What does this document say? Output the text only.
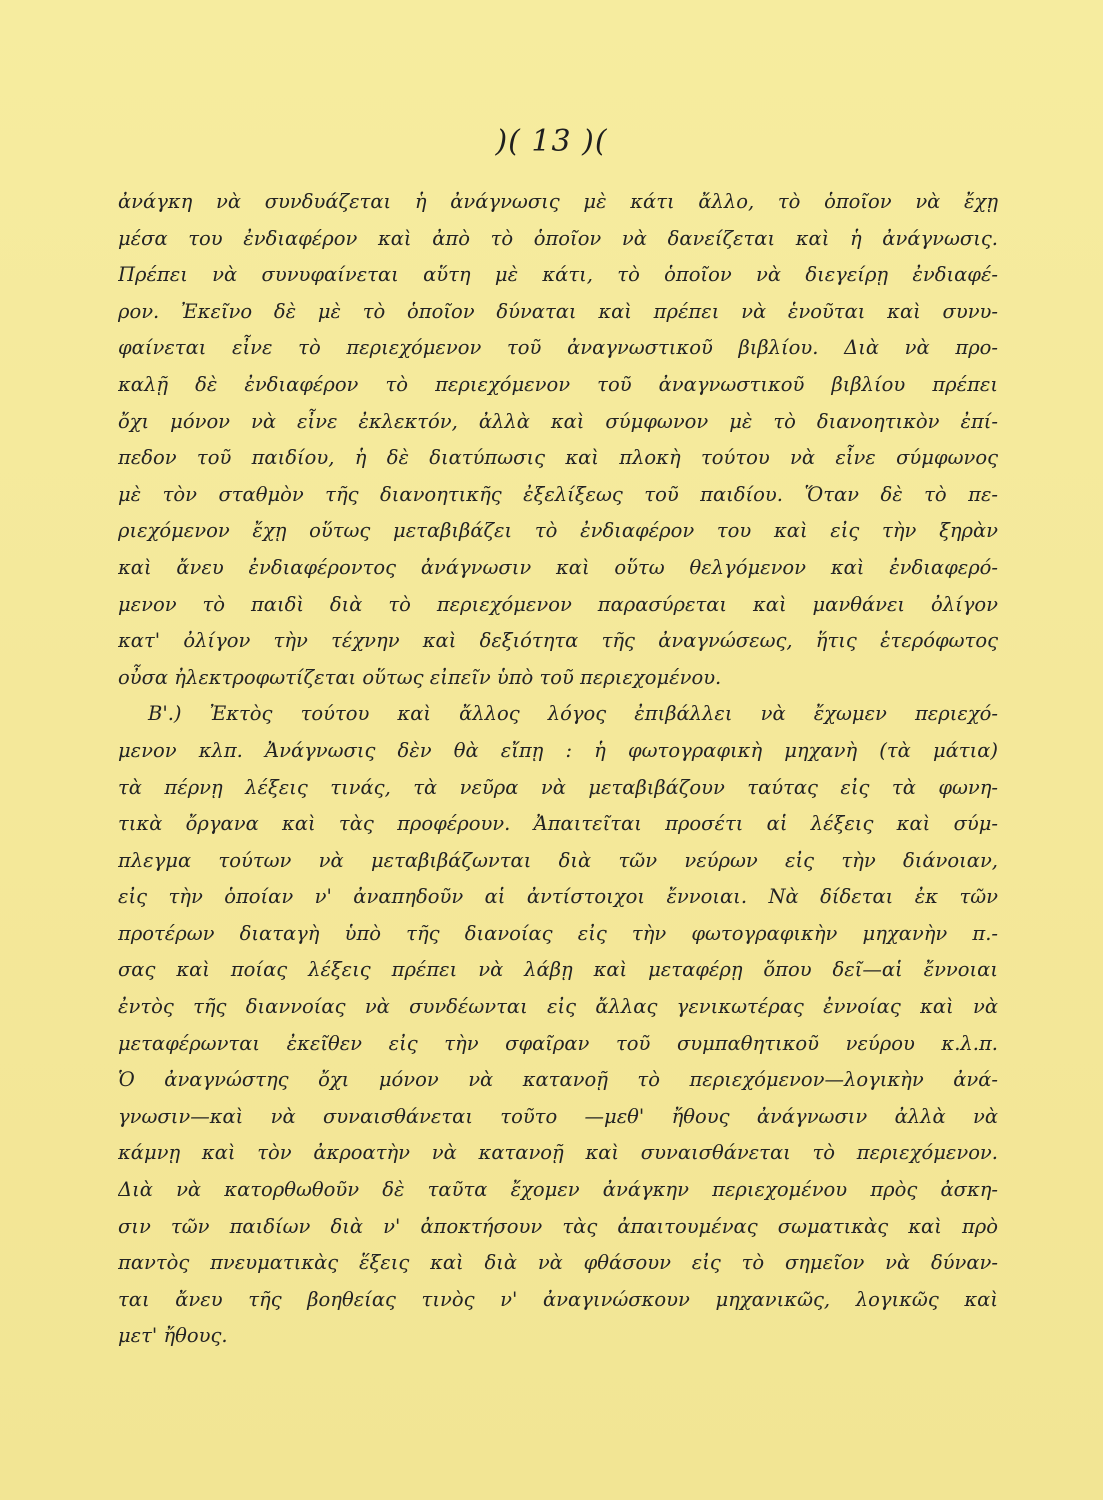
)( 13 )(
ἀνάγκη νὰ συνδυάζεται ἡ ἀνάγνωσις μὲ κάτι ἄλλο, τὸ ὁποῖον νὰ ἔχῃ
μέσα του ἐνδιαφέρον καὶ ἀπὸ τὸ ὁποῖον νὰ δανείζεται καὶ ἡ ἀνάγνωσις.
Πρέπει νὰ συνυφαίνεται αὕτη μὲ κάτι, τὸ ὁποῖον νὰ διεγείρῃ ἐνδιαφέ-
ρον. Ἐκεῖνο δὲ μὲ τὸ ὁποῖον δύναται καὶ πρέπει νὰ ἑνοῦται καὶ συνυ-
φαίνεται εἶνε τὸ περιεχόμενον τοῦ ἀναγνωστικοῦ βιβλίου. Διὰ νὰ προ-
καλῇ δὲ ἐνδιαφέρον τὸ περιεχόμενον τοῦ ἀναγνωστικοῦ βιβλίου πρέπει
ὄχι μόνον νὰ εἶνε ἐκλεκτόν, ἀλλὰ καὶ σύμφωνον μὲ τὸ διανοητικὸν ἐπί-
πεδον τοῦ παιδίου, ἡ δὲ διατύπωσις καὶ πλοκὴ τούτου νὰ εἶνε σύμφωνος
μὲ τὸν σταθμὸν τῆς διανοητικῆς ἐξελίξεως τοῦ παιδίου. Ὅταν δὲ τὸ πε-
ριεχόμενον ἔχῃ οὕτως μεταβιβάζει τὸ ἐνδιαφέρον του καὶ εἰς τὴν ξηρὰν
καὶ ἄνευ ἐνδιαφέροντος ἀνάγνωσιν καὶ οὕτω θελγόμενον καὶ ἐνδιαφερό-
μενον τὸ παιδὶ διὰ τὸ περιεχόμενον παρασύρεται καὶ μανθάνει ὀλίγον
κατ' ὀλίγον τὴν τέχνην καὶ δεξιότητα τῆς ἀναγνώσεως, ἥτις ἑτερόφωτος
οὖσα ἠλεκτροφωτίζεται οὕτως εἰπεῖν ὑπὸ τοῦ περιεχομένου.
Β'.) Ἐκτὸς τούτου καὶ ἄλλος λόγος ἐπιβάλλει νὰ ἔχωμεν περιεχό-
μενον κλπ. Ἀνάγνωσις δὲν θὰ εἴπῃ : ἡ φωτογραφικὴ μηχανὴ (τὰ μάτια)
τὰ πέρνῃ λέξεις τινάς, τὰ νεῦρα νὰ μεταβιβάζουν ταύτας εἰς τὰ φωνη-
τικὰ ὄργανα καὶ τὰς προφέρουν. Ἀπαιτεῖται προσέτι αἱ λέξεις καὶ σύμ-
πλεγμα τούτων νὰ μεταβιβάζωνται διὰ τῶν νεύρων εἰς τὴν διάνοιαν,
εἰς τὴν ὁποίαν ν' ἀναπηδοῦν αἱ ἀντίστοιχοι ἔννοιαι. Νὰ δίδεται ἐκ τῶν
προτέρων διαταγὴ ὑπὸ τῆς διανοίας εἰς τὴν φωτογραφικὴν μηχανὴν π.-
σας καὶ ποίας λέξεις πρέπει νὰ λάβῃ καὶ μεταφέρῃ ὅπου δεῖ—αἱ ἔννοιαι
ἐντὸς τῆς διαννοίας νὰ συνδέωνται εἰς ἄλλας γενικωτέρας ἐννοίας καὶ νὰ
μεταφέρωνται ἐκεῖθεν εἰς τὴν σφαῖραν τοῦ συμπαθητικοῦ νεύρου κ.λ.π.
Ὁ ἀναγνώστης ὄχι μόνον νὰ κατανοῇ τὸ περιεχόμενον—λογικὴν ἀνά-
γνωσιν—καὶ νὰ συναισθάνεται τοῦτο —μεθ' ἤθους ἀνάγνωσιν ἀλλὰ νὰ
κάμνῃ καὶ τὸν ἀκροατὴν νὰ κατανοῇ καὶ συναισθάνεται τὸ περιεχόμενον.
Διὰ νὰ κατορθωθοῦν δὲ ταῦτα ἔχομεν ἀνάγκην περιεχομένου πρὸς ἀσκη-
σιν τῶν παιδίων διὰ ν' ἀποκτήσουν τὰς ἀπαιτουμένας σωματικὰς καὶ πρὸ
παντὸς πνευματικὰς ἕξεις καὶ διὰ νὰ φθάσουν εἰς τὸ σημεῖον νὰ δύναν-
ται ἄνευ τῆς βοηθείας τινὸς ν' ἀναγινώσκουν μηχανικῶς, λογικῶς καὶ
μετ' ἤθους.
